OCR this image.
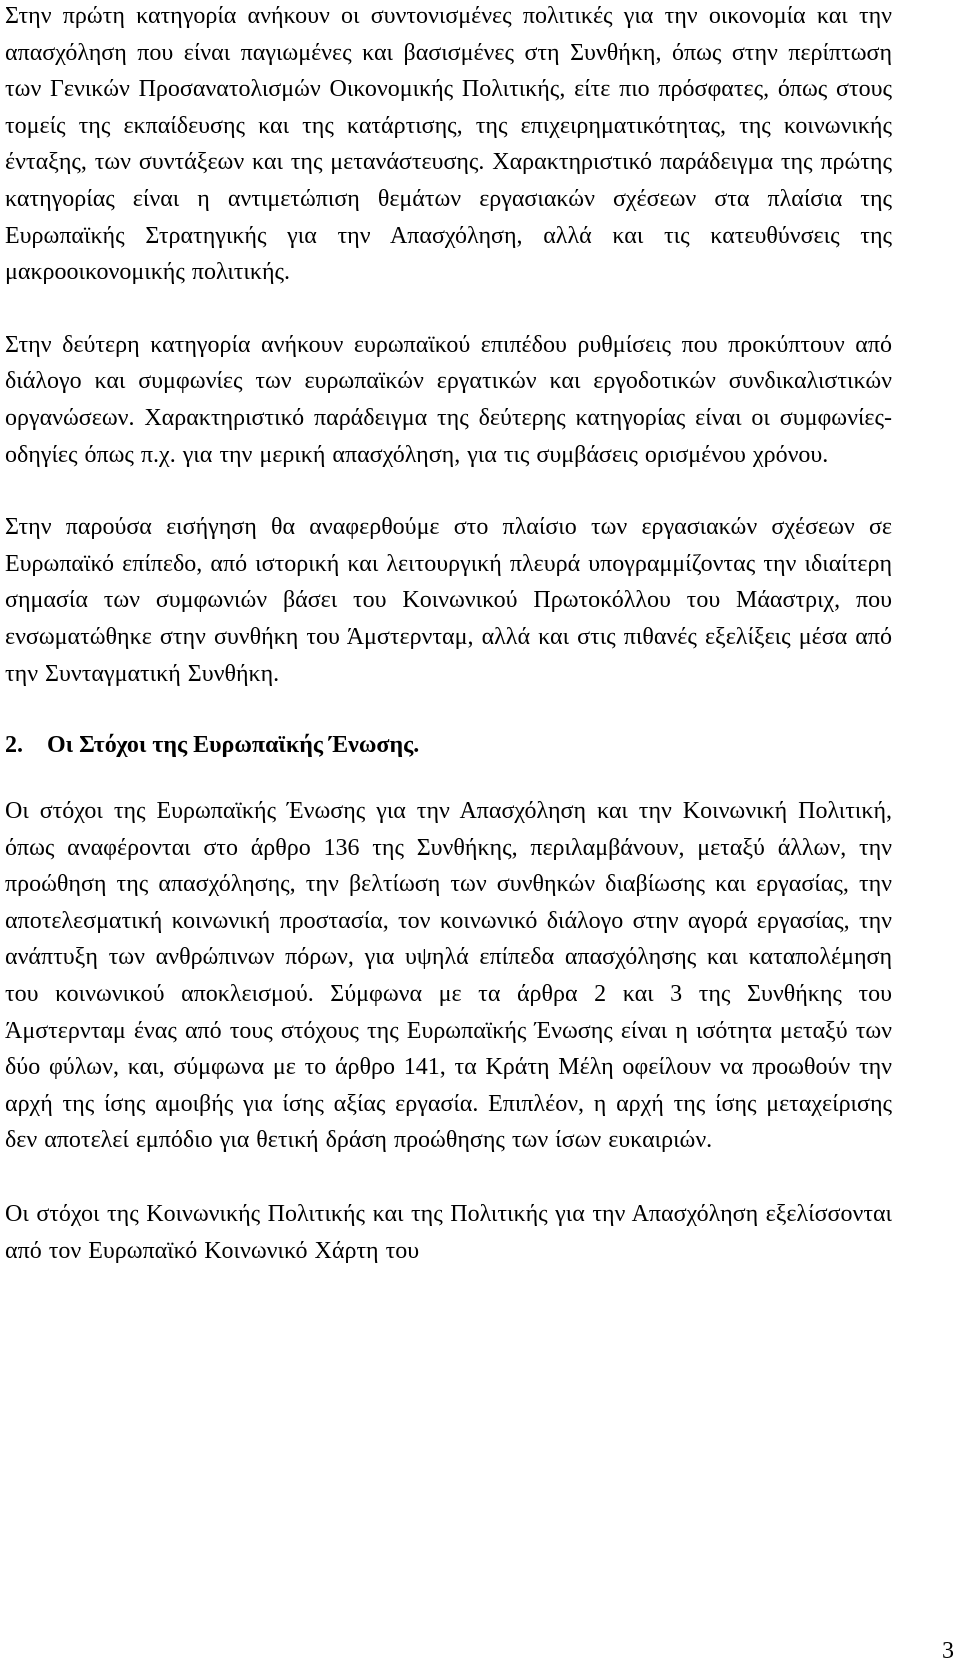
Στην πρώτη κατηγορία ανήκουν οι συντονισμένες πολιτικές για την οικονομία και την απασχόληση που είναι παγιωμένες και βασισμένες στη Συνθήκη, όπως στην περίπτωση των Γενικών Προσανατολισμών Οικονομικής Πολιτικής, είτε πιο πρόσφατες, όπως στους τομείς της εκπαίδευσης και της κατάρτισης, της επιχειρηματικότητας, της κοινωνικής ένταξης, των συντάξεων και της μετανάστευσης. Χαρακτηριστικό παράδειγμα της πρώτης κατηγορίας είναι η αντιμετώπιση θεμάτων εργασιακών σχέσεων στα πλαίσια της Ευρωπαϊκής Στρατηγικής για την Απασχόληση, αλλά και τις κατευθύνσεις της μακροοικονομικής πολιτικής.

Στην δεύτερη κατηγορία ανήκουν ευρωπαϊκού επιπέδου ρυθμίσεις που προκύπτουν από διάλογο και συμφωνίες των ευρωπαϊκών εργατικών και εργοδοτικών συνδικαλιστικών οργανώσεων. Χαρακτηριστικό παράδειγμα της δεύτερης κατηγορίας είναι οι συμφωνίες-οδηγίες όπως π.χ. για την μερική απασχόληση, για τις συμβάσεις ορισμένου χρόνου.

Στην παρούσα εισήγηση θα αναφερθούμε στο πλαίσιο των εργασιακών σχέσεων σε Ευρωπαϊκό επίπεδο, από ιστορική και λειτουργική πλευρά υπογραμμίζοντας την ιδιαίτερη σημασία των συμφωνιών βάσει του Κοινωνικού Πρωτοκόλλου του Μάαστριχ, που ενσωματώθηκε στην συνθήκη του Άμστερνταμ, αλλά και στις πιθανές εξελίξεις μέσα από την Συνταγματική Συνθήκη.

2. Οι Στόχοι της Ευρωπαϊκής Ένωσης.

Οι στόχοι της Ευρωπαϊκής Ένωσης για την Απασχόληση και την Κοινωνική Πολιτική, όπως αναφέρονται στο άρθρο 136 της Συνθήκης, περιλαμβάνουν, μεταξύ άλλων, την προώθηση της απασχόλησης, την βελτίωση των συνθηκών διαβίωσης και εργασίας, την αποτελεσματική κοινωνική προστασία, τον κοινωνικό διάλογο στην αγορά εργασίας, την ανάπτυξη των ανθρώπινων πόρων, για υψηλά επίπεδα απασχόλησης και καταπολέμηση του κοινωνικού αποκλεισμού. Σύμφωνα με τα άρθρα 2 και 3 της Συνθήκης του Άμστερνταμ ένας από τους στόχους της Ευρωπαϊκής Ένωσης είναι η ισότητα μεταξύ των δύο φύλων, και, σύμφωνα με το άρθρο 141, τα Κράτη Μέλη οφείλουν να προωθούν την αρχή της ίσης αμοιβής για ίσης αξίας εργασία. Επιπλέον, η αρχή της ίσης μεταχείρισης δεν αποτελεί εμπόδιο για θετική δράση προώθησης των ίσων ευκαιριών.

Οι στόχοι της Κοινωνικής Πολιτικής και της Πολιτικής για την Απασχόληση εξελίσσονται από τον Ευρωπαϊκό Κοινωνικό Χάρτη του

3
